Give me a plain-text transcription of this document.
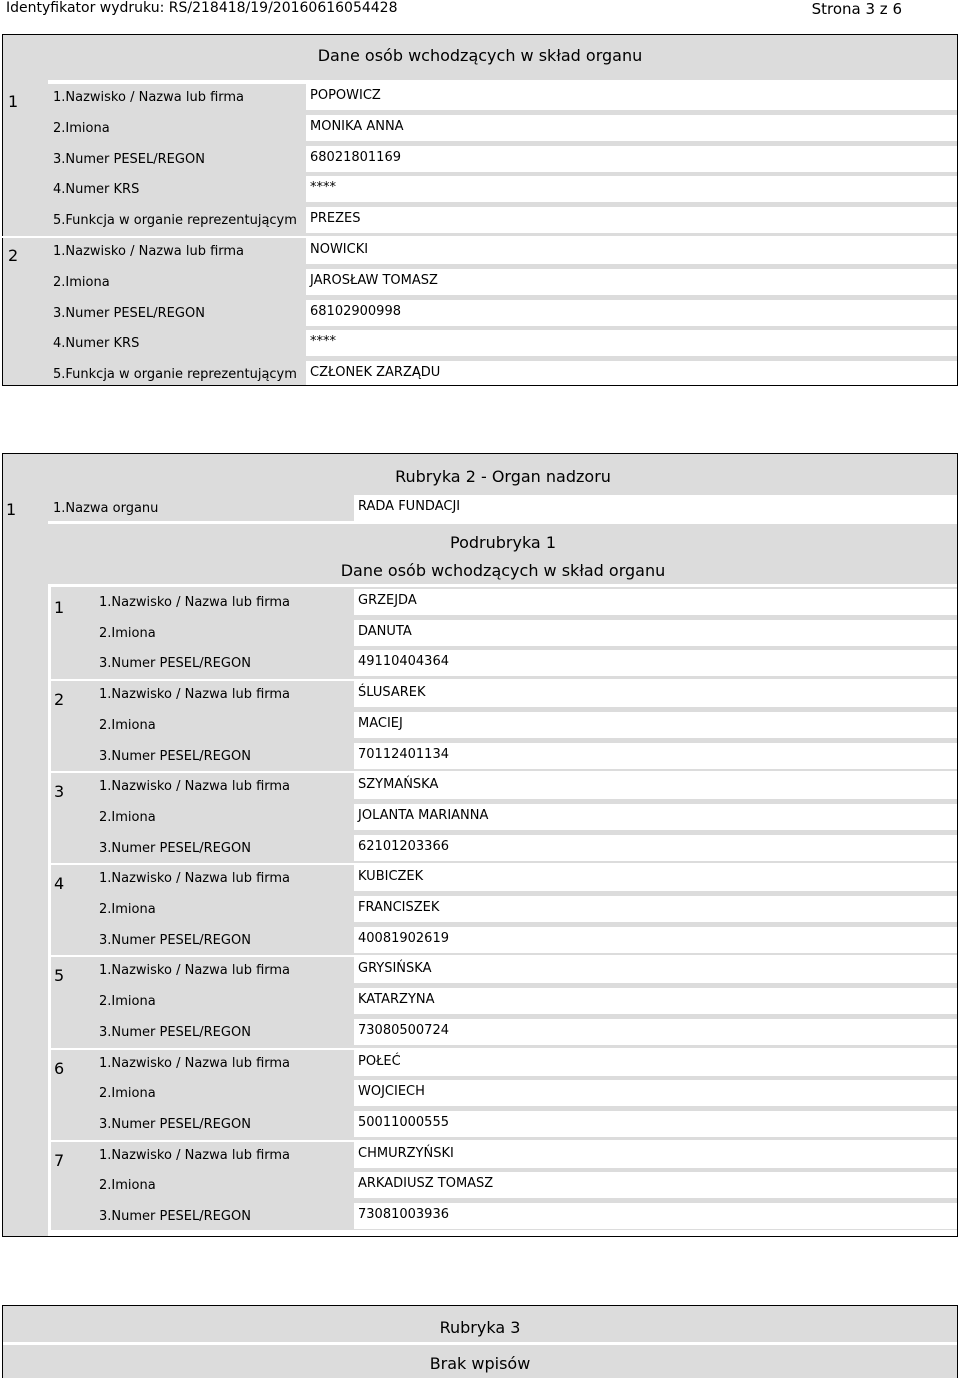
Identyfikator wydruku: RS/218418/19/20160616054428	Strona 3 z 6
Dane osób wchodzących w skład organu
1	1.Nazwisko / Nazwa lub firma	POPOWICZ
2.Imiona	MONIKA ANNA
3.Numer PESEL/REGON	68021801169
4.Numer KRS	****
5.Funkcja w organie reprezentującym	PREZES
2	1.Nazwisko / Nazwa lub firma	NOWICKI
2.Imiona	JAROSŁAW TOMASZ
3.Numer PESEL/REGON	68102900998
4.Numer KRS	****
5.Funkcja w organie reprezentującym	CZŁONEK ZARZĄDU
Rubryka 2 - Organ nadzoru
1	1.Nazwa organu	RADA FUNDACJI
Podrubryka 1
Dane osób wchodzących w skład organu
1	1.Nazwisko / Nazwa lub firma	GRZEJDA
2.Imiona	DANUTA
3.Numer PESEL/REGON	49110404364
2	1.Nazwisko / Nazwa lub firma	ŚLUSAREK
2.Imiona	MACIEJ
3.Numer PESEL/REGON	70112401134
3	1.Nazwisko / Nazwa lub firma	SZYMAŃSKA
2.Imiona	JOLANTA MARIANNA
3.Numer PESEL/REGON	62101203366
4	1.Nazwisko / Nazwa lub firma	KUBICZEK
2.Imiona	FRANCISZEK
3.Numer PESEL/REGON	40081902619
5	1.Nazwisko / Nazwa lub firma	GRYSIŃSKA
2.Imiona	KATARZYNA
3.Numer PESEL/REGON	73080500724
6	1.Nazwisko / Nazwa lub firma	POŁEĆ
2.Imiona	WOJCIECH
3.Numer PESEL/REGON	50011000555
7	1.Nazwisko / Nazwa lub firma	CHMURZYŃSKI
2.Imiona	ARKADIUSZ TOMASZ
3.Numer PESEL/REGON	73081003936
Rubryka 3
Brak wpisów
